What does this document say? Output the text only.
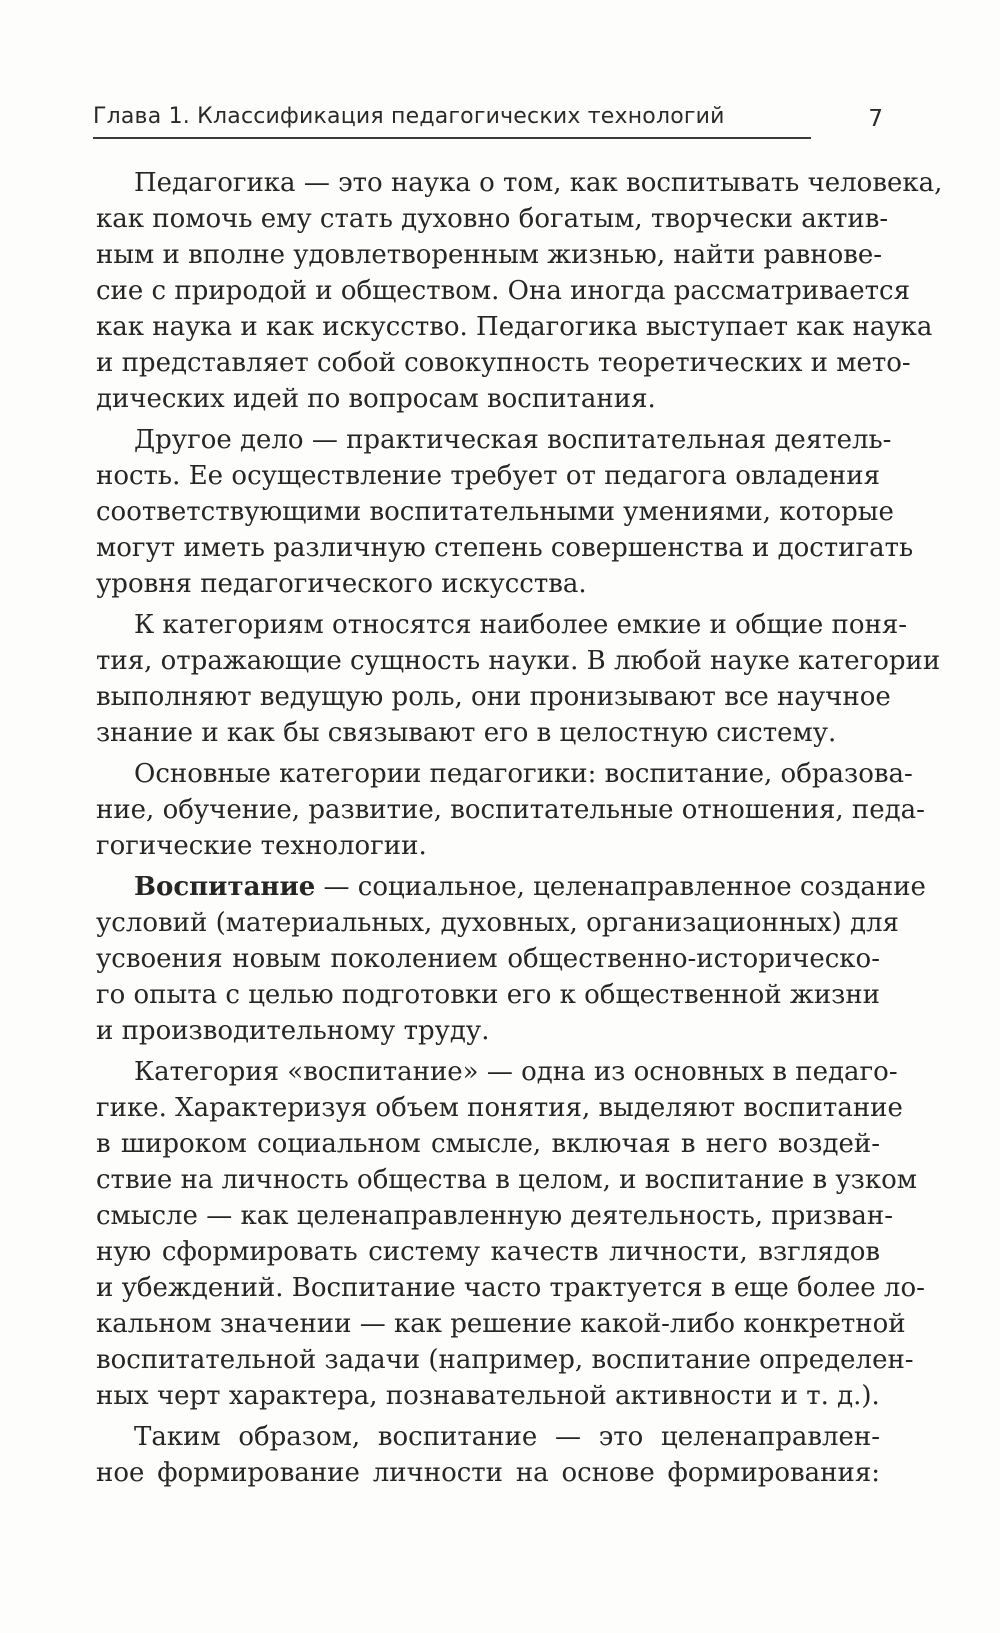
Глава 1. Классификация педагогических технологий	7
Педагогика — это наука о том, как воспитывать человека,
как помочь ему стать духовно богатым, творчески актив-
ным и вполне удовлетворенным жизнью, найти равнове-
сие с природой и обществом. Она иногда рассматривается
как наука и как искусство. Педагогика выступает как наука
и представляет собой совокупность теоретических и мето-
дических идей по вопросам воспитания.
Другое дело — практическая воспитательная деятель-
ность. Ее осуществление требует от педагога овладения
соответствующими воспитательными умениями, которые
могут иметь различную степень совершенства и достигать
уровня педагогического искусства.
К категориям относятся наиболее емкие и общие поня-
тия, отражающие сущность науки. В любой науке категории
выполняют ведущую роль, они пронизывают все научное
знание и как бы связывают его в целостную систему.
Основные категории педагогики: воспитание, образова-
ние, обучение, развитие, воспитательные отношения, педа-
гогические технологии.
Воспитание — социальное, целенаправленное создание
условий (материальных, духовных, организационных) для
усвоения новым поколением общественно-историческо-
го опыта с целью подготовки его к общественной жизни
и производительному труду.
Категория «воспитание» — одна из основных в педаго-
гике. Характеризуя объем понятия, выделяют воспитание
в широком социальном смысле, включая в него воздей-
ствие на личность общества в целом, и воспитание в узком
смысле — как целенаправленную деятельность, призван-
ную сформировать систему качеств личности, взглядов
и убеждений. Воспитание часто трактуется в еще более ло-
кальном значении — как решение какой-либо конкретной
воспитательной задачи (например, воспитание определен-
ных черт характера, познавательной активности и т. д.).
Таким образом, воспитание — это целенаправлен-
ное формирование личности на основе формирования:
